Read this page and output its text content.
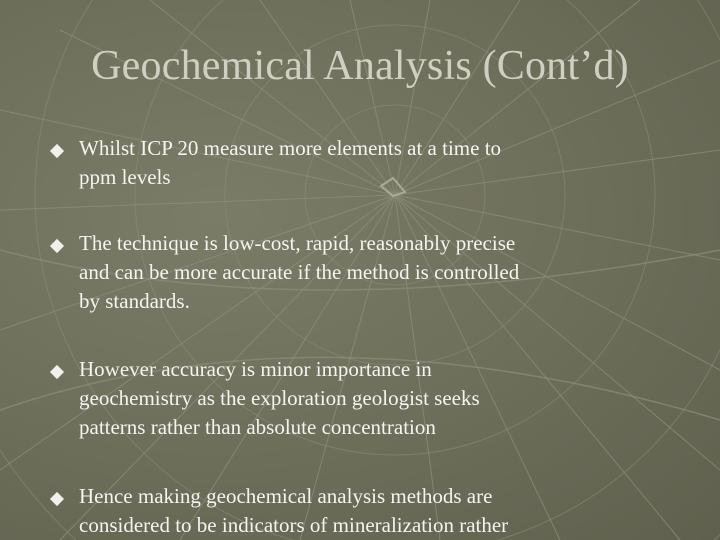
Geochemical Analysis (Cont’d)
Whilst ICP 20 measure more elements at a time to
ppm levels
The technique is low-cost, rapid, reasonably precise
and can be more accurate if the method is controlled
by standards.
However accuracy is minor importance in
geochemistry as the exploration geologist seeks
patterns rather than absolute concentration
Hence making geochemical analysis methods are
considered to be indicators of mineralization rather
